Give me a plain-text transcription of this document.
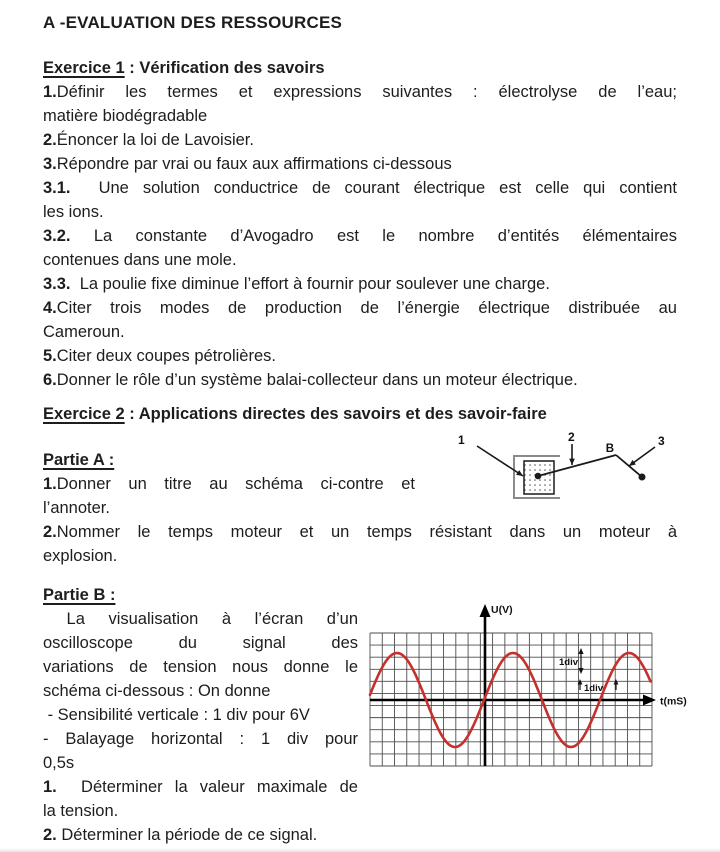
A -EVALUATION DES RESSOURCES
Exercice 1 : Vérification des savoirs
1.Définir les termes et expressions suivantes : électrolyse de l’eau;
matière biodégradable
2.Énoncer la loi de Lavoisier.
3.Répondre par vrai ou faux aux affirmations ci-dessous
3.1.  Une solution conductrice de courant électrique est celle qui contient
les ions.
3.2. La constante d’Avogadro est le nombre d’entités élémentaires
contenues dans une mole.
3.3.  La poulie fixe diminue l’effort à fournir pour soulever une charge.
4.Citer trois modes de production de l’énergie électrique distribuée au
Cameroun.
5.Citer deux coupes pétrolières.
6.Donner le rôle d’un système balai-collecteur dans un moteur électrique.
Exercice 2 : Applications directes des savoirs et des savoir-faire
Partie A :
1.Donner un titre au schéma ci-contre et
l’annoter.
2.Nommer le temps moteur et un temps résistant dans un moteur à
explosion.
1	2	3
B
Partie B :
La visualisation à l’écran d’un
oscilloscope du signal des
variations de tension nous donne le
schéma ci-dessous : On donne
- Sensibilité verticale : 1 div pour 6V
- Balayage horizontal : 1 div pour
0,5s
1.  Déterminer la valeur maximale de
la tension.
2. Déterminer la période de ce signal.
U(V)
t(mS)
1div
1div
